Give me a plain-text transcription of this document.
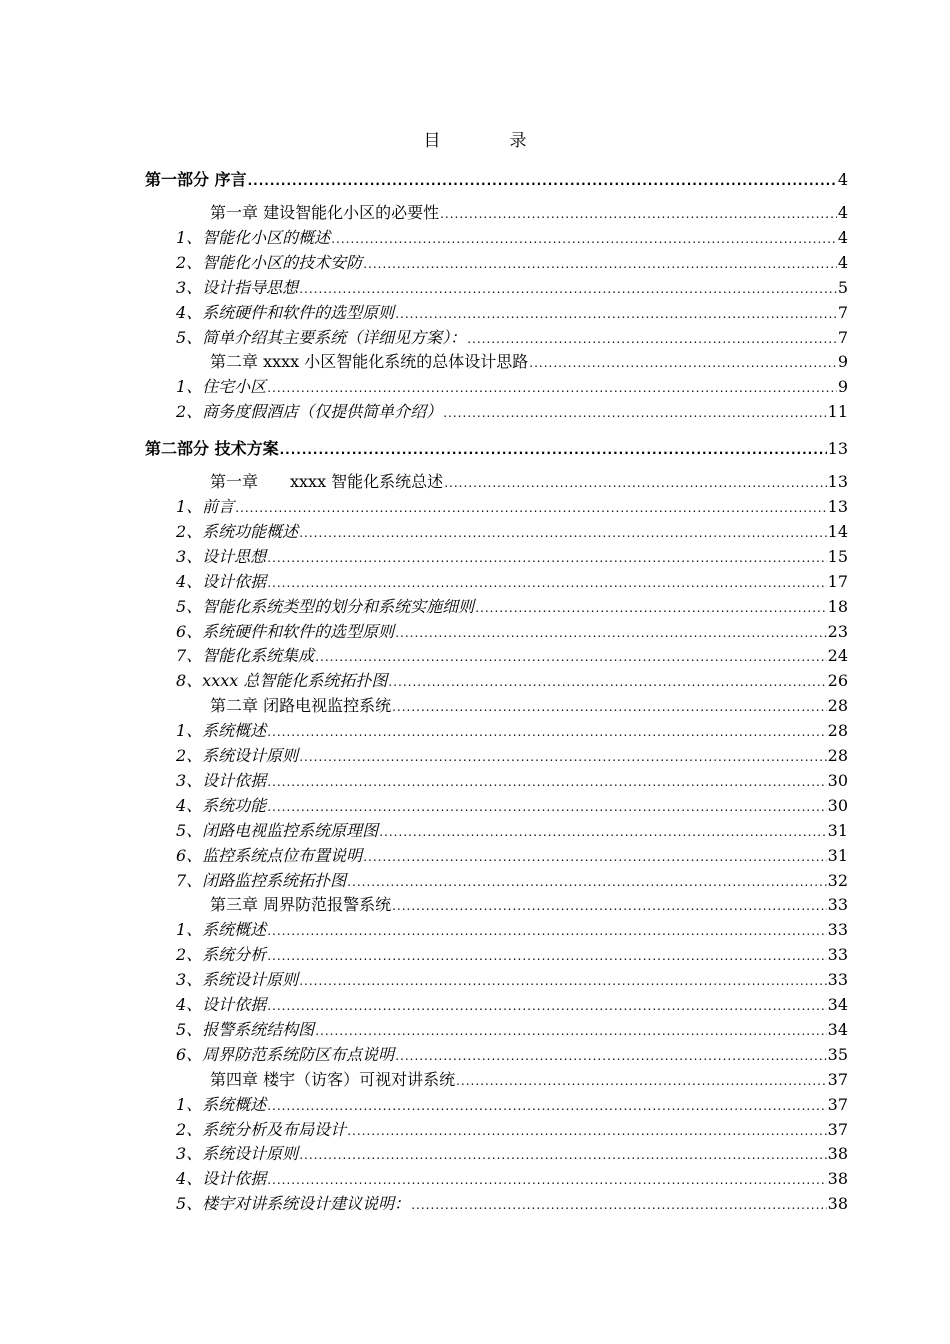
目　录
第一部分 序言 .....	4
第一章 建设智能化小区的必要性 .....	4
1、智能化小区的概述 .....	4
2、智能化小区的技术安防 .....	4
3、设计指导思想 .....	5
4、系统硬件和软件的选型原则 .....	7
5、简单介绍其主要系统（详细见方案）： .....	7
第二章 xxxx 小区智能化系统的总体设计思路 .....	9
1、住宅小区 .....	9
2、商务度假酒店（仅提供简单介绍） .....	11
第二部分 技术方案 .....	13
第一章　　xxxx 智能化系统总述 .....	13
1、前言 .....	13
2、系统功能概述 .....	14
3、设计思想 .....	15
4、设计依据 .....	17
5、智能化系统类型的划分和系统实施细则 .....	18
6、系统硬件和软件的选型原则 .....	23
7、智能化系统集成 .....	24
8、xxxx 总智能化系统拓扑图 .....	26
第二章 闭路电视监控系统 .....	28
1、系统概述 .....	28
2、系统设计原则 .....	28
3、设计依据 .....	30
4、系统功能 .....	30
5、闭路电视监控系统原理图 .....	31
6、监控系统点位布置说明 .....	31
7、闭路监控系统拓扑图 .....	32
第三章 周界防范报警系统 .....	33
1、系统概述 .....	33
2、系统分析 .....	33
3、系统设计原则 .....	33
4、设计依据 .....	34
5、报警系统结构图 .....	34
6、周界防范系统防区布点说明 .....	35
第四章 楼宇（访客）可视对讲系统 .....	37
1、系统概述 .....	37
2、系统分析及布局设计 .....	37
3、系统设计原则 .....	38
4、设计依据 .....	38
5、楼宇对讲系统设计建议说明： .....	38
